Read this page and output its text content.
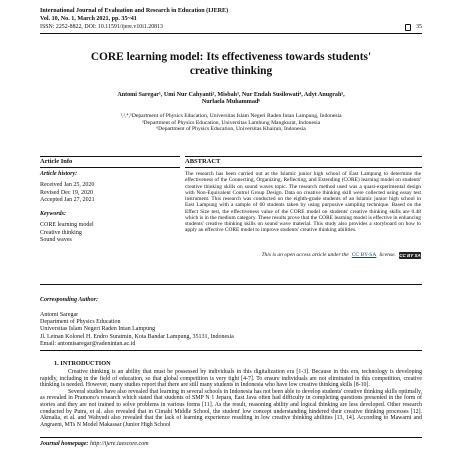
International Journal of Evaluation and Research in Education (IJERE)
Vol. 10, No. 1, March 2021, pp. 35~41
ISSN: 2252-8822, DOI: 10.11591/ijere.v10i1.20813	35
CORE learning model: Its effectiveness towards students'
creative thinking
Antomi Saregar¹, Umi Nur Cahyanti², Misbah³, Nur Endah Susilowati⁴, Adyt Anugrah⁵,
Nurlaela Muhammad⁶
¹,²,⁴,⁵Department of Physics Education, Universitas Islam Negeri Raden Intan Lampung, Indonesia
³Department of Physics Education, Universitas Lambung Mangkurat, Indonesia
⁶Department of Physics Education, Universitas Khairun, Indonesia
Article Info	ABSTRACT
Article history:
Received Jan 25, 2020
Revised Dec 19, 2020
Accepted Jan 27, 2021
Keywords:
CORE learning model
Creative thinking
Sound waves
The research has been carried out at the Islamic junior high school of East Lampung to determine the effectiveness of the Connecting, Organizing, Reflecting, and Extending (CORE) learning model on students' creative thinking skills on sound waves topic. The research method used was a quasi-experimental design with Non-Equivalent Control Group Design. Data on creative thinking skill were collected using essay test instrument. This research was conducted on the eighth-grade students of an Islamic junior high school in East Lampung with a sample of 60 students taken by using purposive sampling technique. Based on the Effect Size test, the effectiveness value of the CORE model on students' creative thinking skills are 0.48 which is in the medium category. These results prove that the CORE learning model is effective in enhancing students' creative thinking skills on sound wave material. This study also provides a storyboard on how to apply an effective CORE model to improve students' creative thinking abilities.
This is an open access article under the CC BY-SA license. CC BY SA
Corresponding Author:
Antomi Saregar
Department of Physics Education
Universitas Islam Negeri Raden Intan Lampung
Jl. Letnan Kolonel H. Endro Suratmin, Kota Bandar Lampung, 35131, Indonesia
Email: antomisaregar@radenintan.ac.id
1. INTRODUCTION

Creative thinking is an ability that must be possessed by individuals in this digitalization era [1-3]. Because in this era, technology is developing rapidly, including in the field of education, so that global competition is very tight [4-7]. To ensure individuals are not eliminated in this competition, creative thinking is needed. However, many studies report that there are still many students in Indonesia who have low creative thinking skills [8-10].

Several studies have also revealed that learning in several schools in Indonesia has not been able to develop students' creative thinking skills optimally, as revealed in Pramono's research which stated that students of SMP N 1 Jepara, East Java often had difficulty in completing questions presented in the form of stories and they are not trained to solve problems in various forms [11]. As the result, reasoning ability and logical thinking are less developed. Other research conducted by Putra, et al. also revealed that in Cimahi Middle School, the student' low concept understanding hindered their creative thinking processes [12]. Akmalia, et al. and Wahyudi also revealed that the lack of learning experience resulting in low creative thinking abilities [13, 14]. According to Mawarni and Angraeni, MTs N Model Makassar (Junior High School

Journal homepage: http://ijere.iaescore.com
